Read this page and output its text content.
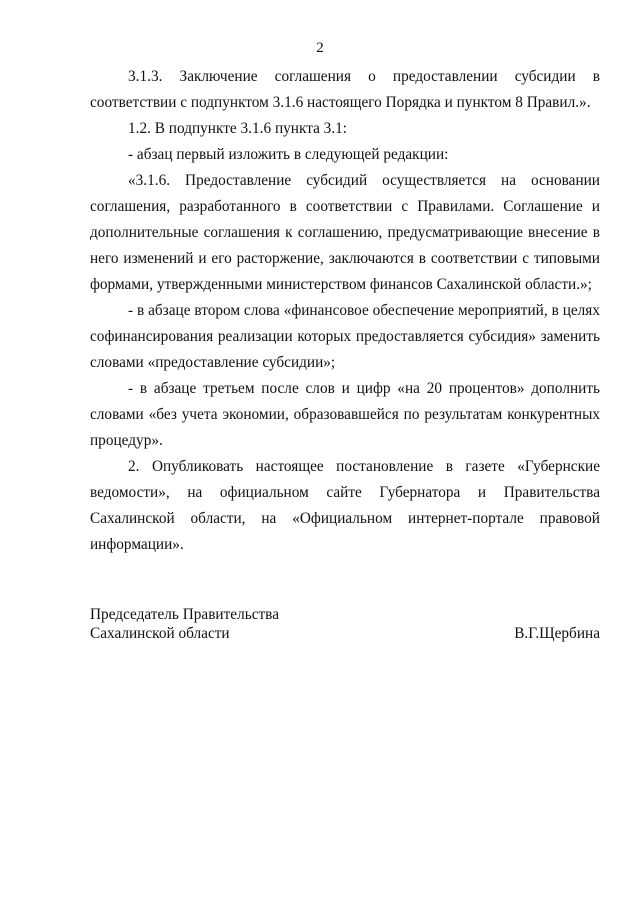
2

3.1.3. Заключение соглашения о предоставлении субсидии в соответствии с подпунктом 3.1.6 настоящего Порядка и пунктом 8 Правил.».

1.2. В подпункте 3.1.6 пункта 3.1:

- абзац первый изложить в следующей редакции:

«3.1.6. Предоставление субсидий осуществляется на основании соглашения, разработанного в соответствии с Правилами. Соглашение и дополнительные соглашения к соглашению, предусматривающие внесение в него изменений и его расторжение, заключаются в соответствии с типовыми формами, утвержденными министерством финансов Сахалинской области.»;

- в абзаце втором слова «финансовое обеспечение мероприятий, в целях софинансирования реализации которых предоставляется субсидия» заменить словами «предоставление субсидии»;

- в абзаце третьем после слов и цифр «на 20 процентов» дополнить словами «без учета экономии, образовавшейся по результатам конкурентных процедур».

2. Опубликовать настоящее постановление в газете «Губернские ведомости», на официальном сайте Губернатора и Правительства Сахалинской области, на «Официальном интернет-портале правовой информации».

Председатель Правительства
Сахалинской области	В.Г.Щербина
